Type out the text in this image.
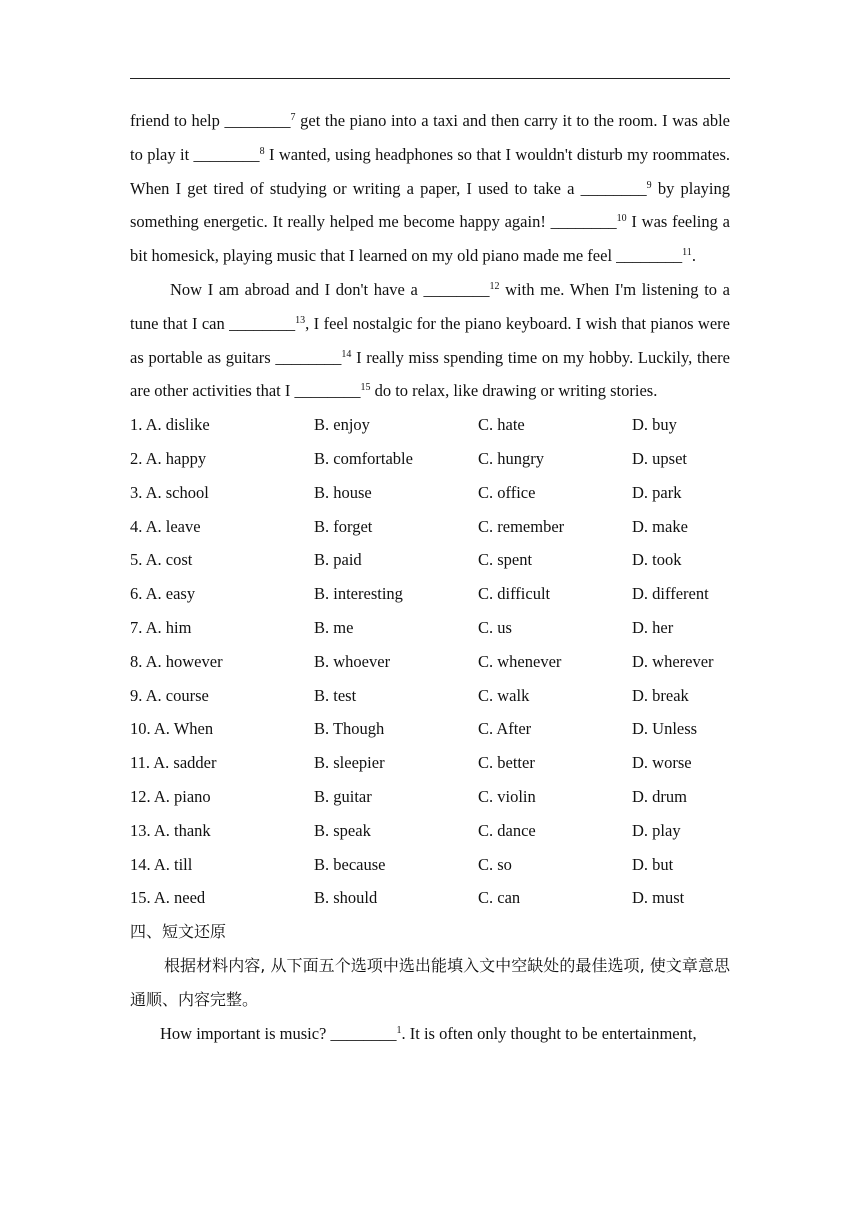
friend to help ________$^7$ get the piano into a taxi and then carry it to the room. I was able to play it ________$^8$ I wanted, using headphones so that I wouldn't disturb my roommates. When I get tired of studying or writing a paper, I used to take a ________$^9$ by playing something energetic. It really helped me become happy again! ________$^{10}$ I was feeling a bit homesick, playing music that I learned on my old piano made me feel ________$^{11}$.

Now I am abroad and I don't have a ________$^{12}$ with me. When I'm listening to a tune that I can ________$^{13}$, I feel nostalgic for the piano keyboard. I wish that pianos were as portable as guitars ________$^{14}$ I really miss spending time on my hobby. Luckily, there are other activities that I ________$^{15}$ do to relax, like drawing or writing stories.

1. A. dislike	B. enjoy	C. hate	D. buy
2. A. happy	B. comfortable	C. hungry	D. upset
3. A. school	B. house	C. office	D. park
4. A. leave	B. forget	C. remember	D. make
5. A. cost	B. paid	C. spent	D. took
6. A. easy	B. interesting	C. difficult	D. different
7. A. him	B. me	C. us	D. her
8. A. however	B. whoever	C. whenever	D. wherever
9. A. course	B. test	C. walk	D. break
10. A. When	B. Though	C. After	D. Unless
11. A. sadder	B. sleepier	C. better	D. worse
12. A. piano	B. guitar	C. violin	D. drum
13. A. thank	B. speak	C. dance	D. play
14. A. till	B. because	C. so	D. but
15. A. need	B. should	C. can	D. must

四、短文还原

根据材料内容, 从下面五个选项中选出能填入文中空缺处的最佳选项, 使文章意思通顺、内容完整。

How important is music? ________$^1$. It is often only thought to be entertainment,
